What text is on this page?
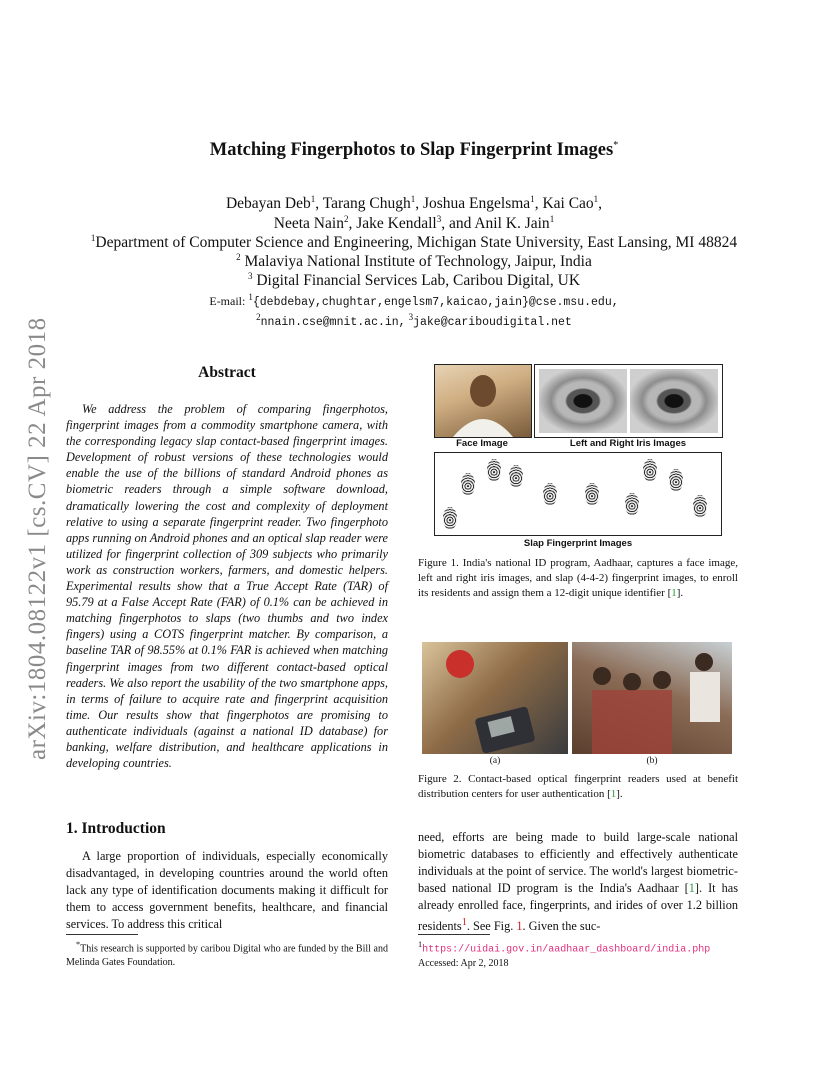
arXiv:1804.08122v1 [cs.CV] 22 Apr 2018
Matching Fingerphotos to Slap Fingerprint Images*
Debayan Deb$^1$, Tarang Chugh$^1$, Joshua Engelsma$^1$, Kai Cao$^1$,
Neeta Nain$^2$, Jake Kendall$^3$, and Anil K. Jain$^1$
$^1$Department of Computer Science and Engineering, Michigan State University, East Lansing, MI 48824
$^2$ Malaviya National Institute of Technology, Jaipur, India
$^3$ Digital Financial Services Lab, Caribou Digital, UK
E-mail: $^1${debdebay,chughtar,engelsm7,kaicao,jain}@cse.msu.edu,
$^2$nnain.cse@mnit.ac.in, $^3$jake@cariboudigital.net
Abstract
We address the problem of comparing fingerphotos, fingerprint images from a commodity smartphone camera, with the corresponding legacy slap contact-based fingerprint images. Development of robust versions of these technologies would enable the use of the billions of standard Android phones as biometric readers through a simple software download, dramatically lowering the cost and complexity of deployment relative to using a separate fingerprint reader. Two fingerphoto apps running on Android phones and an optical slap reader were utilized for fingerprint collection of 309 subjects who primarily work as construction workers, farmers, and domestic helpers. Experimental results show that a True Accept Rate (TAR) of 95.79 at a False Accept Rate (FAR) of 0.1% can be achieved in matching fingerphotos to slaps (two thumbs and two index fingers) using a COTS fingerprint matcher. By comparison, a baseline TAR of 98.55% at 0.1% FAR is achieved when matching fingerprint images from two different contact-based optical readers. We also report the usability of the two smartphone apps, in terms of failure to acquire rate and fingerprint acquisition time. Our results show that fingerphotos are promising to authenticate individuals (against a national ID database) for banking, welfare distribution, and healthcare applications in developing countries.
1. Introduction
A large proportion of individuals, especially economically disadvantaged, in developing countries around the world often lack any type of identification documents making it difficult for them to access government benefits, healthcare, and financial services. To address this critical
*This research is supported by caribou Digital who are funded by the Bill and Melinda Gates Foundation.
Face Image	Left and Right Iris Images
Slap Fingerprint Images
Figure 1. India's national ID program, Aadhaar, captures a face image, left and right iris images, and slap (4-4-2) fingerprint images, to enroll its residents and assign them a 12-digit unique identifier [1].
(a)	(b)
Figure 2. Contact-based optical fingerprint readers used at benefit distribution centers for user authentication [1].
need, efforts are being made to build large-scale national biometric databases to efficiently and effectively authenticate individuals at the point of service. The world's largest biometric-based national ID program is the India's Aadhaar [1]. It has already enrolled face, fingerprints, and irides of over 1.2 billion residents$^1$. See Fig. 1. Given the suc-
$^1$https://uidai.gov.in/aadhaar_dashboard/india.php Accessed: Apr 2, 2018
